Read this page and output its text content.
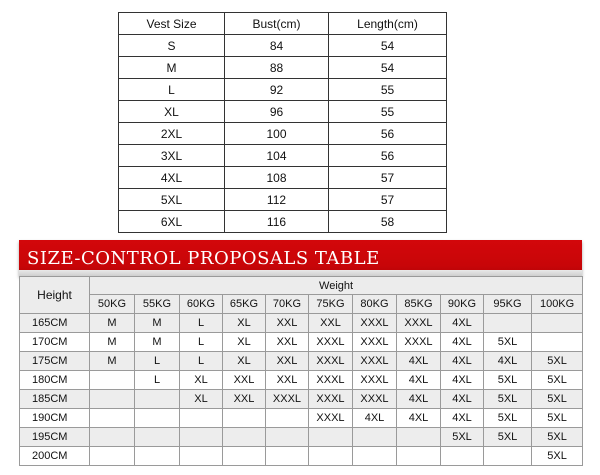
Vest Size	Bust(cm)	Length(cm)
S	84	54
M	88	54
L	92	55
XL	96	55
2XL	100	56
3XL	104	56
4XL	108	57
5XL	112	57
6XL	116	58
SIZE-CONTROL PROPOSALS TABLE
Height	Weight										
	50KG	55KG	60KG	65KG	70KG	75KG	80KG	85KG	90KG	95KG	100KG
165CM	M	M	L	XL	XXL	XXL	XXXL	XXXL	4XL		
170CM	M	M	L	XL	XXL	XXXL	XXXL	XXXL	4XL	5XL	
175CM	M	L	L	XL	XXL	XXXL	XXXL	4XL	4XL	4XL	5XL
180CM		L	XL	XXL	XXL	XXXL	XXXL	4XL	4XL	5XL	5XL
185CM			XL	XXL	XXXL	XXXL	XXXL	4XL	4XL	5XL	5XL
190CM						XXXL	4XL	4XL	4XL	5XL	5XL
195CM									5XL	5XL	5XL
200CM											5XL
